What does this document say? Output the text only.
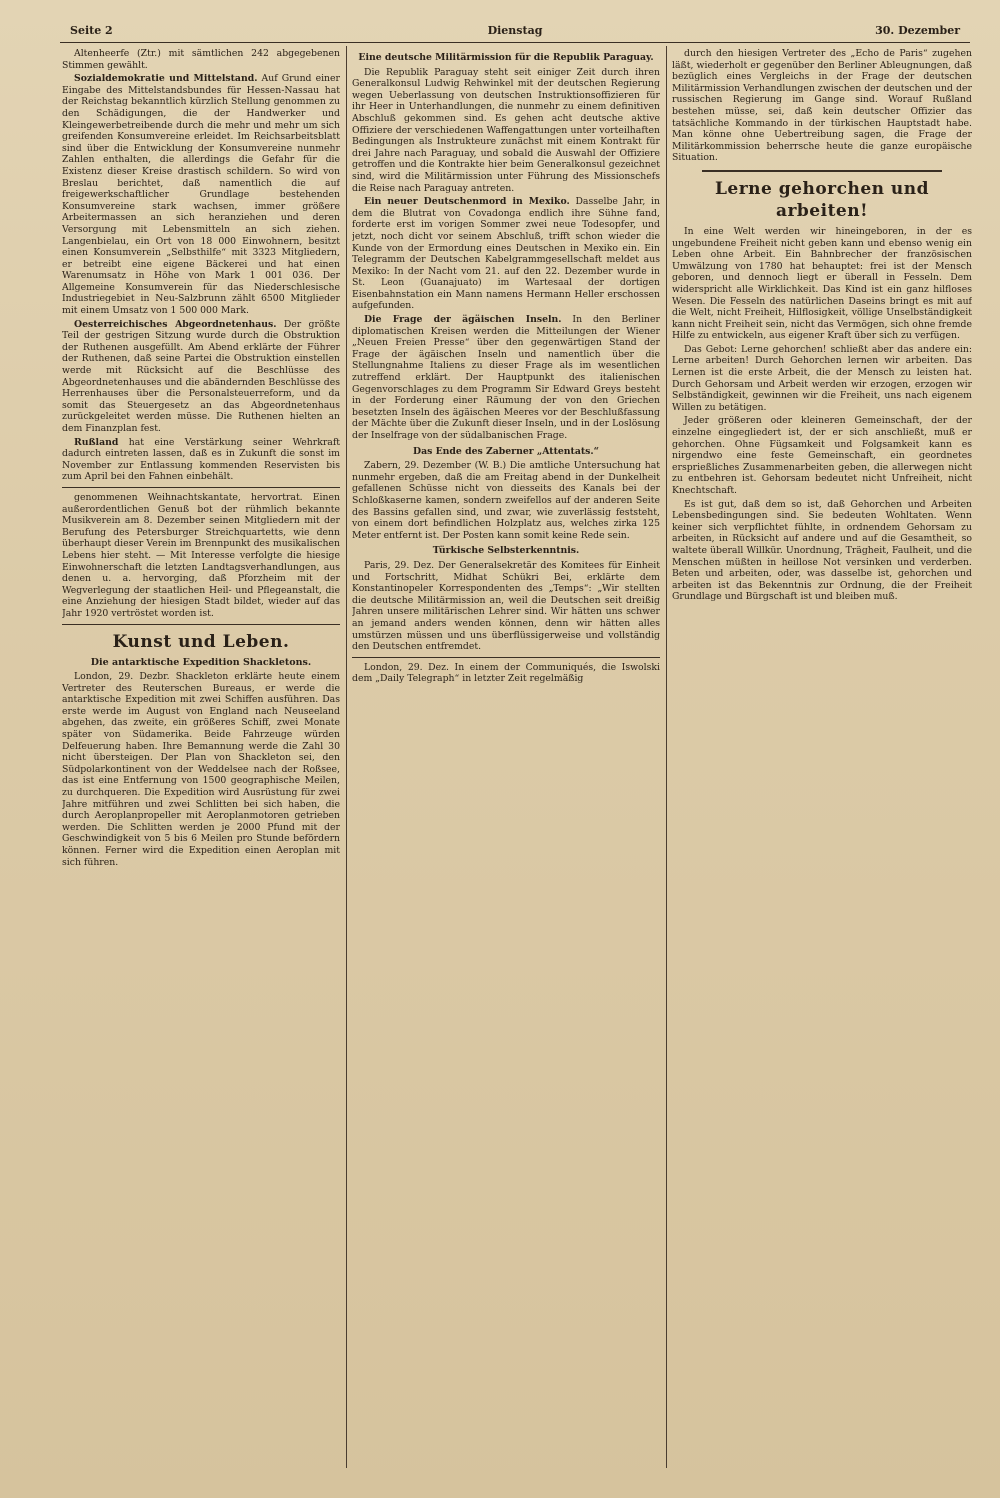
Seite 2	Dienstag	30. Dezember

Altenheerfe (Ztr.) mit sämtlichen 242 abgegebenen Stimmen gewählt.

Sozialdemokratie und Mittelstand. Auf Grund einer Eingabe des Mittelstandsbundes für Hessen-Nassau hat der Reichstag bekanntlich kürzlich Stellung genommen zu den Schädigungen, die der Handwerker und Kleingewerbetreibende durch die mehr und mehr um sich greifenden Konsumvereine erleidet. Im Reichsarbeitsblatt sind über die Entwicklung der Konsumvereine nunmehr Zahlen enthalten, die allerdings die Gefahr für die Existenz dieser Kreise drastisch schildern. So wird von Breslau berichtet, daß namentlich die auf freigewerkschaftlicher Grundlage bestehenden Konsumvereine stark wachsen, immer größere Arbeitermassen an sich heranziehen und deren Versorgung mit Lebensmitteln an sich ziehen. Langenbielau, ein Ort von 18 000 Einwohnern, besitzt einen Konsumverein „Selbsthilfe“ mit 3323 Mitgliedern, er betreibt eine eigene Bäckerei und hat einen Warenumsatz in Höhe von Mark 1 001 036. Der Allgemeine Konsumverein für das Niederschlesische Industriegebiet in Neu-Salzbrunn zählt 6500 Mitglieder mit einem Umsatz von 1 500 000 Mark.

Oesterreichisches Abgeordnetenhaus. Der größte Teil der gestrigen Sitzung wurde durch die Obstruktion der Ruthenen ausgefüllt. Am Abend erklärte der Führer der Ruthenen, daß seine Partei die Obstruktion einstellen werde mit Rücksicht auf die Beschlüsse des Abgeordnetenhauses und die abändernden Beschlüsse des Herrenhauses über die Personalsteuerreform, und da somit das Steuergesetz an das Abgeordnetenhaus zurückgeleitet werden müsse. Die Ruthenen hielten an dem Finanzplan fest.

Rußland hat eine Verstärkung seiner Wehrkraft dadurch eintreten lassen, daß es in Zukunft die sonst im November zur Entlassung kommenden Reservisten bis zum April bei den Fahnen einbehält.

genommenen Weihnachtskantate, hervortrat. Einen außerordentlichen Genuß bot der rühmlich bekannte Musikverein am 8. Dezember seinen Mitgliedern mit der Berufung des Petersburger Streichquartetts, wie denn überhaupt dieser Verein im Brennpunkt des musikalischen Lebens hier steht. — Mit Interesse verfolgte die hiesige Einwohnerschaft die letzten Landtagsverhandlungen, aus denen u. a. hervorging, daß Pforzheim mit der Wegverlegung der staatlichen Heil- und Pflegeanstalt, die eine Anziehung der hiesigen Stadt bildet, wieder auf das Jahr 1920 vertröstet worden ist.

Kunst und Leben.
Die antarktische Expedition Shackletons.

London, 29. Dezbr. Shackleton erklärte heute einem Vertreter des Reuterschen Bureaus, er werde die antarktische Expedition mit zwei Schiffen ausführen. Das erste werde im August von England nach Neuseeland abgehen, das zweite, ein größeres Schiff, zwei Monate später von Südamerika. Beide Fahrzeuge würden Delfeuerung haben. Ihre Bemannung werde die Zahl 30 nicht übersteigen. Der Plan von Shackleton sei, den Südpolarkontinent von der Weddelsee nach der Roßsee, das ist eine Entfernung von 1500 geographische Meilen, zu durchqueren. Die Expedition wird Ausrüstung für zwei Jahre mitführen und zwei Schlitten bei sich haben, die durch Aeroplanpropeller mit Aeroplanmotoren getrieben werden. Die Schlitten werden je 2000 Pfund mit der Geschwindigkeit von 5 bis 6 Meilen pro Stunde befördern können. Ferner wird die Expedition einen Aeroplan mit sich führen.

Eine deutsche Militärmission für die Republik Paraguay.

Die Republik Paraguay steht seit einiger Zeit durch ihren Generalkonsul Ludwig Rehwinkel mit der deutschen Regierung wegen Ueberlassung von deutschen Instruktionsoffizieren für ihr Heer in Unterhandlungen, die nunmehr zu einem definitiven Abschluß gekommen sind. Es gehen acht deutsche aktive Offiziere der verschiedenen Waffengattungen unter vorteilhaften Bedingungen als Instrukteure zunächst mit einem Kontrakt für drei Jahre nach Paraguay, und sobald die Auswahl der Offiziere getroffen und die Kontrakte hier beim Generalkonsul gezeichnet sind, wird die Militärmission unter Führung des Missionschefs die Reise nach Paraguay antreten.

Ein neuer Deutschenmord in Mexiko. Dasselbe Jahr, in dem die Blutrat von Covadonga endlich ihre Sühne fand, forderte erst im vorigen Sommer zwei neue Todesopfer, und jetzt, noch dicht vor seinem Abschluß, trifft schon wieder die Kunde von der Ermordung eines Deutschen in Mexiko ein. Ein Telegramm der Deutschen Kabelgrammgesellschaft meldet aus Mexiko: In der Nacht vom 21. auf den 22. Dezember wurde in St. Leon (Guanajuato) im Wartesaal der dortigen Eisenbahnstation ein Mann namens Hermann Heller erschossen aufgefunden.

Die Frage der ägäischen Inseln. In den Berliner diplomatischen Kreisen werden die Mitteilungen der Wiener „Neuen Freien Presse“ über den gegenwärtigen Stand der Frage der ägäischen Inseln und namentlich über die Stellungnahme Italiens zu dieser Frage als im wesentlichen zutreffend erklärt. Der Hauptpunkt des italienischen Gegenvorschlages zu dem Programm Sir Edward Greys besteht in der Forderung einer Räumung der von den Griechen besetzten Inseln des ägäischen Meeres vor der Beschlußfassung der Mächte über die Zukunft dieser Inseln, und in der Loslösung der Inselfrage von der südalbanischen Frage.

Das Ende des Zaberner „Attentats.“

Zabern, 29. Dezember (W. B.) Die amtliche Untersuchung hat nunmehr ergeben, daß die am Freitag abend in der Dunkelheit gefallenen Schüsse nicht von diesseits des Kanals bei der Schloßkaserne kamen, sondern zweifellos auf der anderen Seite des Bassins gefallen sind, und zwar, wie zuverlässig feststeht, von einem dort befindlichen Holzplatz aus, welches zirka 125 Meter entfernt ist. Der Posten kann somit keine Rede sein.

Türkische Selbsterkenntnis.

Paris, 29. Dez. Der Generalsekretär des Komitees für Einheit und Fortschritt, Midhat Schükri Bei, erklärte dem Konstantinopeler Korrespondenten des „Temps“: „Wir stellten die deutsche Militärmission an, weil die Deutschen seit dreißig Jahren unsere militärischen Lehrer sind. Wir hätten uns schwer an jemand anders wenden können, denn wir hätten alles umstürzen müssen und uns überflüssigerweise und vollständig den Deutschen entfremdet.

London, 29. Dez. In einem der Communiqués, die Iswolski dem „Daily Telegraph“ in letzter Zeit regelmäßig

durch den hiesigen Vertreter des „Echo de Paris“ zugehen läßt, wiederholt er gegenüber den Berliner Ableugnungen, daß bezüglich eines Vergleichs in der Frage der deutschen Militärmission Verhandlungen zwischen der deutschen und der russischen Regierung im Gange sind. Worauf Rußland bestehen müsse, sei, daß kein deutscher Offizier das tatsächliche Kommando in der türkischen Hauptstadt habe. Man könne ohne Uebertreibung sagen, die Frage der Militärkommission beherrsche heute die ganze europäische Situation.

Lerne gehorchen und arbeiten!

In eine Welt werden wir hineingeboren, in der es ungebundene Freiheit nicht geben kann und ebenso wenig ein Leben ohne Arbeit. Ein Bahnbrecher der französischen Umwälzung von 1780 hat behauptet: frei ist der Mensch geboren, und dennoch liegt er überall in Fesseln. Dem widerspricht alle Wirklichkeit. Das Kind ist ein ganz hilfloses Wesen. Die Fesseln des natürlichen Daseins bringt es mit auf die Welt, nicht Freiheit, Hilflosigkeit, völlige Unselbständigkeit kann nicht Freiheit sein, nicht das Vermögen, sich ohne fremde Hilfe zu entwickeln, aus eigener Kraft über sich zu verfügen.

Das Gebot: Lerne gehorchen! schließt aber das andere ein: Lerne arbeiten! Durch Gehorchen lernen wir arbeiten. Das Lernen ist die erste Arbeit, die der Mensch zu leisten hat. Durch Gehorsam und Arbeit werden wir erzogen, erzogen wir Selbständigkeit, gewinnen wir die Freiheit, uns nach eigenem Willen zu betätigen.

Jeder größeren oder kleineren Gemeinschaft, der der einzelne eingegliedert ist, der er sich anschließt, muß er gehorchen. Ohne Fügsamkeit und Folgsamkeit kann es nirgendwo eine feste Gemeinschaft, ein geordnetes ersprießliches Zusammenarbeiten geben, die allerwegen nicht zu entbehren ist. Gehorsam bedeutet nicht Unfreiheit, nicht Knechtschaft.

Es ist gut, daß dem so ist, daß Gehorchen und Arbeiten Lebensbedingungen sind. Sie bedeuten Wohltaten. Wenn keiner sich verpflichtet fühlte, in ordnendem Gehorsam zu arbeiten, in Rücksicht auf andere und auf die Gesamtheit, so waltete überall Willkür. Unordnung, Trägheit, Faulheit, und die Menschen müßten in heillose Not versinken und verderben. Beten und arbeiten, oder, was dasselbe ist, gehorchen und arbeiten ist das Bekenntnis zur Ordnung, die der Freiheit Grundlage und Bürgschaft ist und bleiben muß.
